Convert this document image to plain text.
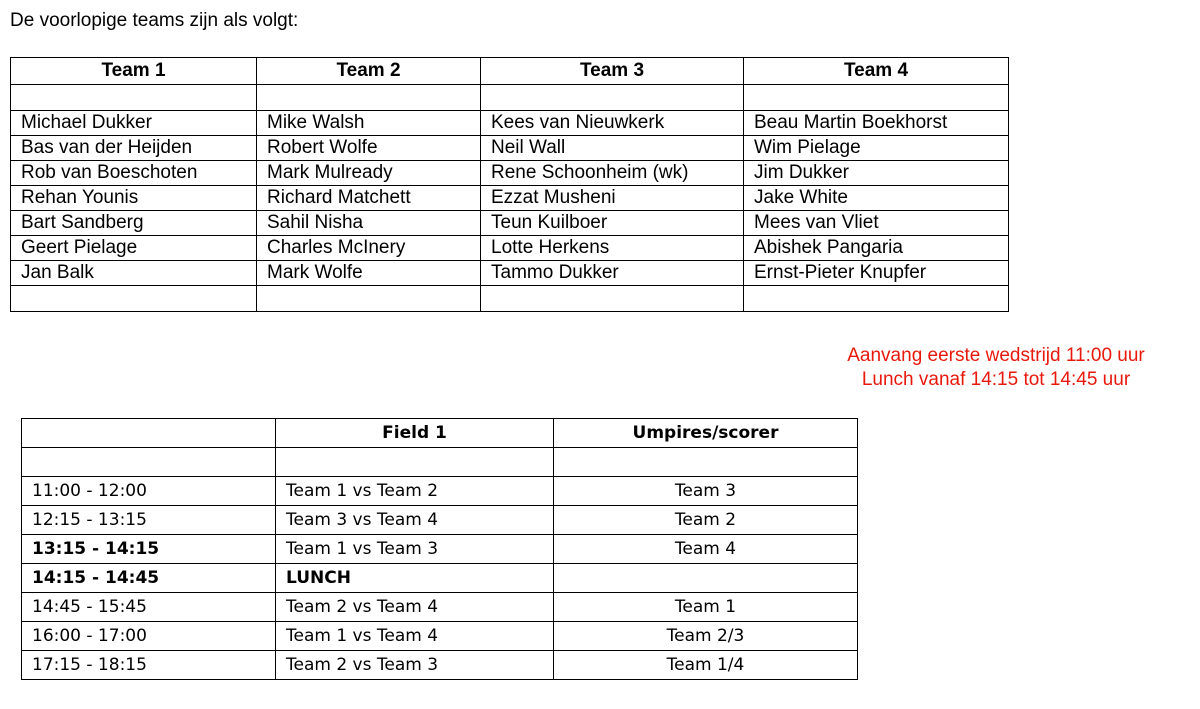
De voorlopige teams zijn als volgt:
Team 1	Team 2	Team 3	Team 4

Michael Dukker	Mike Walsh	Kees van Nieuwkerk	Beau Martin Boekhorst
Bas van der Heijden	Robert Wolfe	Neil Wall	Wim Pielage
Rob van Boeschoten	Mark Mulready	Rene Schoonheim (wk)	Jim Dukker
Rehan Younis	Richard Matchett	Ezzat Musheni	Jake White
Bart Sandberg	Sahil Nisha	Teun Kuilboer	Mees van Vliet
Geert Pielage	Charles McInery	Lotte Herkens	Abishek Pangaria
Jan Balk	Mark Wolfe	Tammo Dukker	Ernst-Pieter Knupfer

Aanvang eerste wedstrijd 11:00 uur
Lunch vanaf 14:15 tot 14:45 uur
	Field 1	Umpires/scorer

11:00 - 12:00	Team 1 vs Team 2	Team 3
12:15 - 13:15	Team 3 vs Team 4	Team 2
13:15 - 14:15	Team 1 vs Team 3	Team 4
14:15 - 14:45	LUNCH	
14:45 - 15:45	Team 2 vs Team 4	Team 1
16:00 - 17:00	Team 1 vs Team 4	Team 2/3
17:15 - 18:15	Team 2 vs Team 3	Team 1/4
